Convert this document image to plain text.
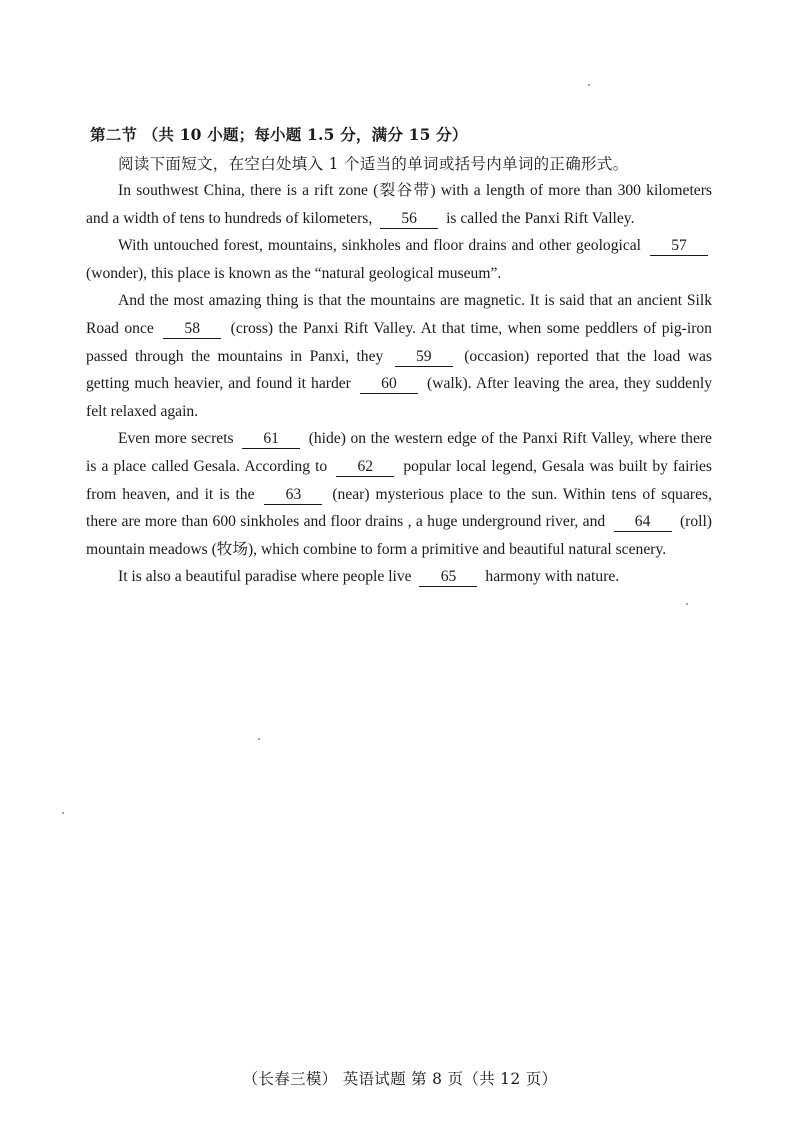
第二节 （共 10 小题；每小题 1.5 分，满分 15 分）
阅读下面短文，在空白处填入 1 个适当的单词或括号内单词的正确形式。

In southwest China, there is a rift zone (裂谷带) with a length of more than 300 kilometers and a width of tens to hundreds of kilometers, 56 is called the Panxi Rift Valley.

With untouched forest, mountains, sinkholes and floor drains and other geological 57 (wonder), this place is known as the “natural geological museum”.

And the most amazing thing is that the mountains are magnetic. It is said that an ancient Silk Road once 58 (cross) the Panxi Rift Valley. At that time, when some peddlers of pig-iron passed through the mountains in Panxi, they 59 (occasion) reported that the load was getting much heavier, and found it harder 60 (walk). After leaving the area, they suddenly felt relaxed again.

Even more secrets 61 (hide) on the western edge of the Panxi Rift Valley, where there is a place called Gesala. According to 62 popular local legend, Gesala was built by fairies from heaven, and it is the 63 (near) mysterious place to the sun. Within tens of squares, there are more than 600 sinkholes and floor drains , a huge underground river, and 64 (roll) mountain meadows (牧场), which combine to form a primitive and beautiful natural scenery.

It is also a beautiful paradise where people live 65 harmony with nature.

（长春三模） 英语试题 第 8 页（共 12 页）
